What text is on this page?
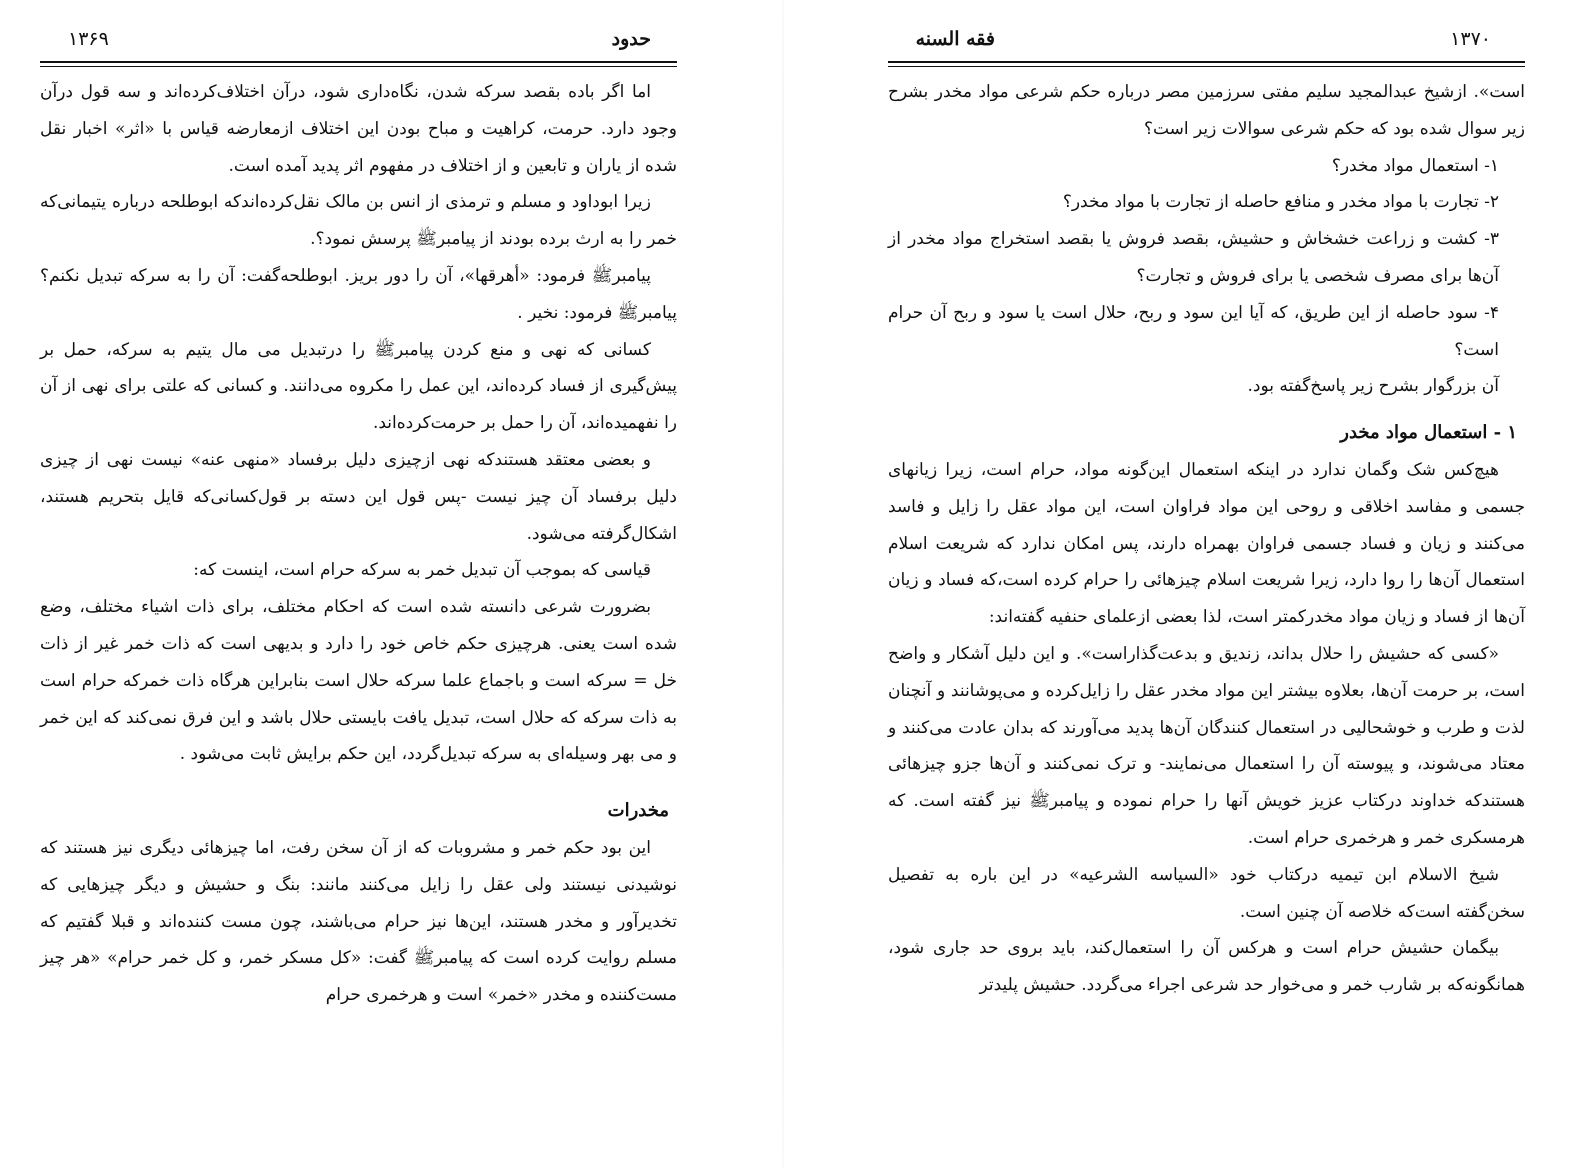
حدود
۱۳۶۹

اما اگر باده بقصد سرکه شدن، نگاه‌داری شود، درآن اختلاف‌کرده‌اند و سه قول درآن وجود دارد. حرمت، کراهیت و مباح بودن این اختلاف ازمعارضه قیاس با «اثر» اخبار نقل شده از یاران و تابعین و از اختلاف در مفهوم اثر پدید آمده است.

زیرا ابوداود و مسلم و ترمذی از انس بن مالک نقل‌کرده‌اندکه ابوطلحه درباره یتیمانی‌که خمر را به ارث برده بودند از پیامبرﷺ پرسش نمود؟.

پیامبرﷺ فرمود: «أهرقها»، آن را دور بریز. ابوطلحه‌گفت: آن را به سرکه تبدیل نکنم؟ پیامبرﷺ فرمود: نخیر .

کسانی که نهی و منع کردن پیامبرﷺ را درتبدیل می مال یتیم به سرکه، حمل بر پیش‌گیری از فساد کرده‌اند، این عمل را مکروه می‌دانند. و کسانی که علتی برای نهی از آن را نفهمیده‌اند، آن را حمل بر حرمت‌کرده‌اند.

و بعضی معتقد هستندکه نهی ازچیزی دلیل برفساد «منهی عنه» نیست نهی از چیزی دلیل برفساد آن چیز نیست -پس قول این دسته بر قول‌کسانی‌که قایل بتحریم هستند، اشکال‌گرفته می‌شود.

قیاسی که بموجب آن تبدیل خمر به سرکه حرام است، اینست که:

بضرورت شرعی دانسته شده است که احکام مختلف، برای ذات اشیاء مختلف، وضع شده است یعنی. هرچیزی حکم خاص خود را دارد و بدیهی است که ذات خمر غیر از ذات خل = سرکه است و باجماع علما سرکه حلال است بنابراین هرگاه ذات خمرکه حرام است به ذات سرکه که حلال است، تبدیل یافت بایستی حلال باشد و این فرق نمی‌کند که این خمر و می بهر وسیله‌ای به سرکه تبدیل‌گردد، این حکم برایش ثابت می‌شود .

مخدرات

این بود حکم خمر و مشروبات که از آن سخن رفت، اما چیزهائی دیگری نیز هستند که نوشیدنی نیستند ولی عقل را زایل می‌کنند مانند: بنگ و حشیش و دیگر چیزهایی که تخدیرآور و مخدر هستند، این‌ها نیز حرام می‌باشند، چون مست کننده‌اند و قبلا گفتیم که مسلم روایت کرده است که پیامبرﷺ گفت: «کل مسکر خمر، و کل خمر حرام» «هر چیز مست‌کننده و مخدر «خمر» است و هرخمری حرام

فقه السنه	۱۳۷۰

است». ازشیخ عبدالمجید سلیم مفتی سرزمین مصر درباره حکم شرعی مواد مخدر بشرح زیر سوال شده بود که حکم شرعی سوالات زیر است؟

۱- استعمال مواد مخدر؟

۲- تجارت با مواد مخدر و منافع حاصله از تجارت با مواد مخدر؟

۳- کشت و زراعت خشخاش و حشیش، بقصد فروش یا بقصد استخراج مواد مخدر از آن‌ها برای مصرف شخصی یا برای فروش و تجارت؟

۴- سود حاصله از این طریق، که آیا این سود و ربح، حلال است یا سود و ربح آن حرام است؟

آن بزرگوار بشرح زیر پاسخ‌گفته بود.

۱ - استعمال مواد مخدر

هیچ‌کس شک وگمان ندارد در اینکه استعمال این‌گونه مواد، حرام است، زیرا زیانهای جسمی و مفاسد اخلاقی و روحی این مواد فراوان است، این مواد عقل را زایل و فاسد می‌کنند و زیان و فساد جسمی فراوان بهمراه دارند، پس امکان ندارد که شریعت اسلام استعمال آن‌ها را روا دارد، زیرا شریعت اسلام چیزهائی را حرام کرده است،که فساد و زیان آن‌ها از فساد و زیان مواد مخدرکمتر است، لذا بعضی ازعلمای حنفیه گفته‌اند:

«کسی که حشیش را حلال بداند، زندیق و بدعت‌گذاراست». و این دلیل آشکار و واضح است، بر حرمت آن‌ها، بعلاوه بیشتر این مواد مخدر عقل را زایل‌کرده و می‌پوشانند و آنچنان لذت و طرب و خوشحالیی در استعمال کنندگان آن‌ها پدید می‌آورند که بدان عادت می‌کنند و معتاد می‌شوند، و پیوسته آن را استعمال می‌نمایند- و ترک نمی‌کنند و آن‌ها جزو چیزهائی هستندکه خداوند درکتاب عزیز خویش آنها را حرام نموده و پیامبرﷺ نیز گفته است. که هرمسکری خمر و هرخمری حرام است.

شیخ الاسلام ابن تیمیه درکتاب خود «السیاسه الشرعیه» در این باره به تفصیل سخن‌گفته است‌که خلاصه آن چنین است.

بیگمان حشیش حرام است و هرکس آن را استعمال‌کند، باید بروی حد جاری شود، همانگونه‌که بر شارب خمر و می‌خوار حد شرعی اجراء می‌گردد. حشیش پلیدتر
